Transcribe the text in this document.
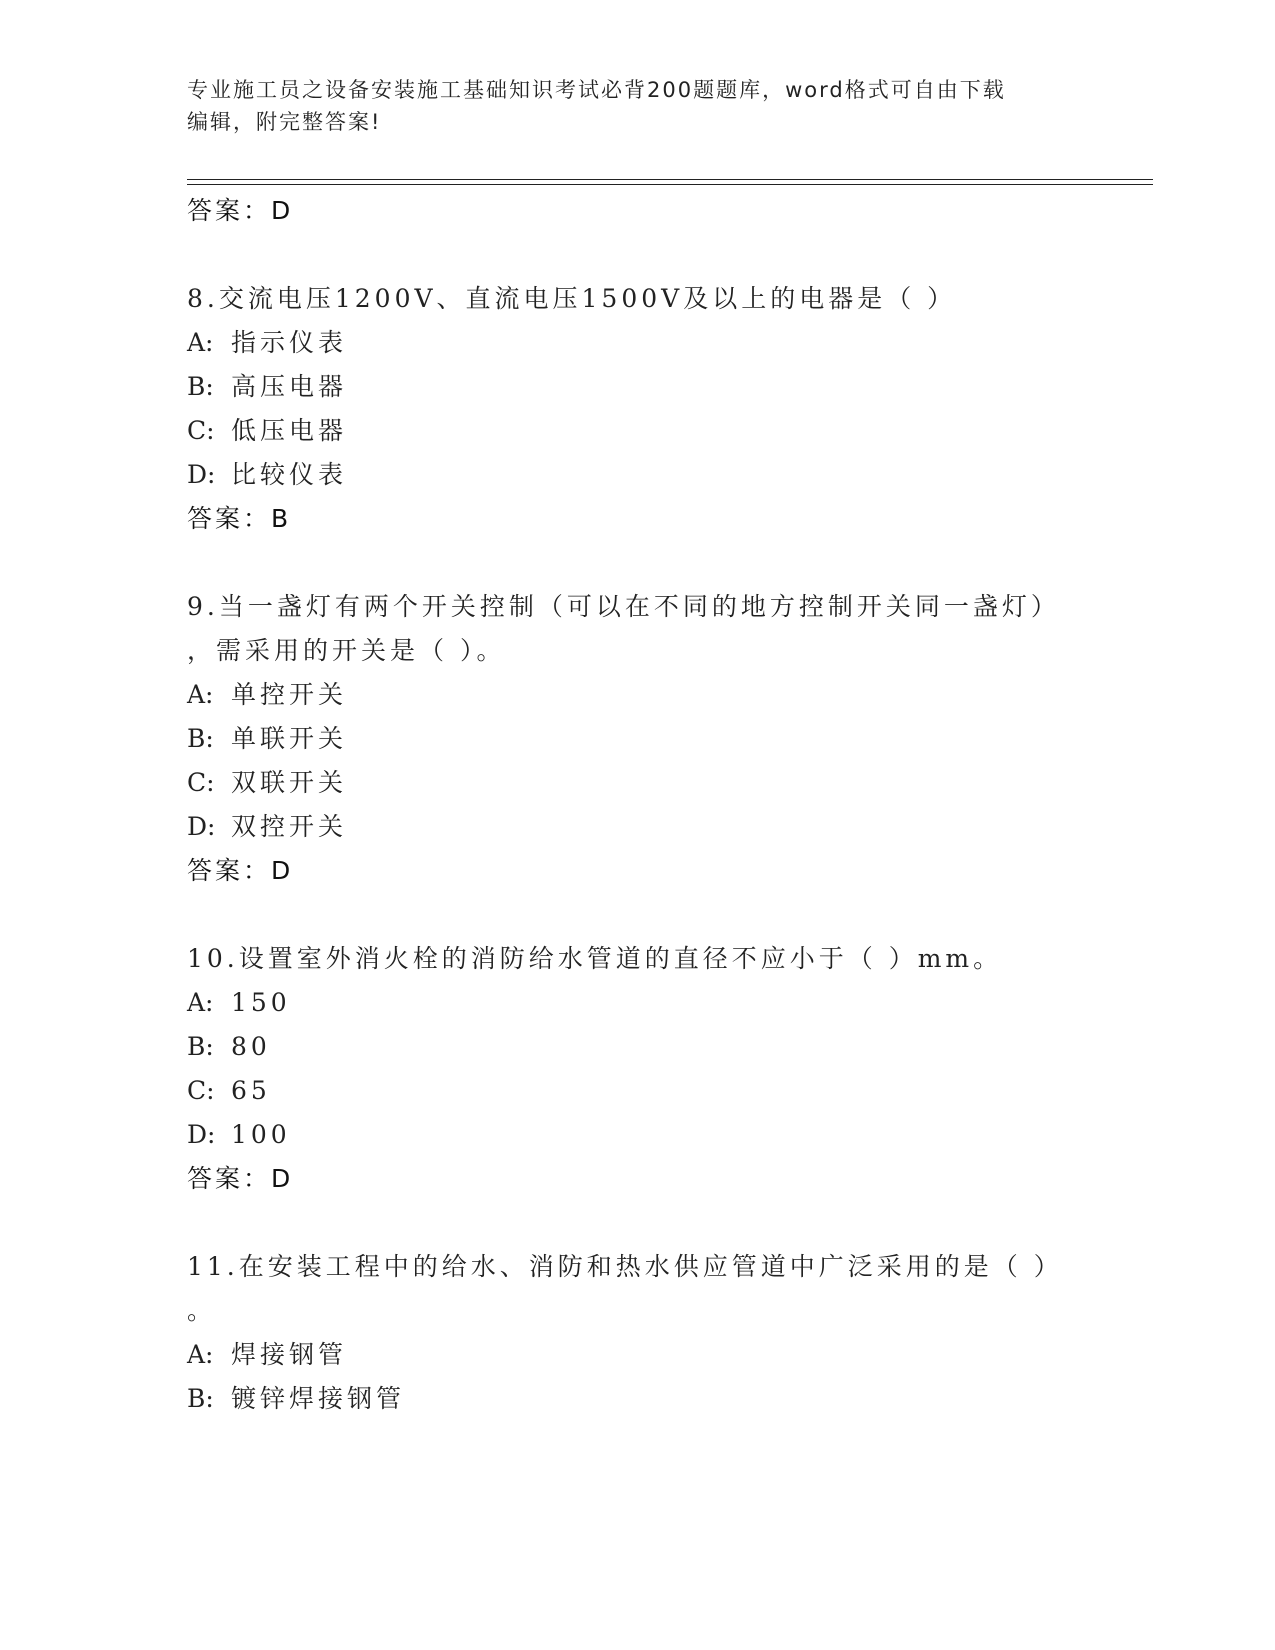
专业施工员之设备安装施工基础知识考试必背200题题库，word格式可自由下载
编辑，附完整答案!
答案：D
8.交流电压1200V、直流电压1500V及以上的电器是（ ）
A: 指示仪表
B: 高压电器
C: 低压电器
D: 比较仪表
答案：B
9.当一盏灯有两个开关控制（可以在不同的地方控制开关同一盏灯）
，需采用的开关是（ ）。
A: 单控开关
B: 单联开关
C: 双联开关
D: 双控开关
答案：D
10.设置室外消火栓的消防给水管道的直径不应小于（ ）mm。
A: 150
B: 80
C: 65
D: 100
答案：D
11.在安装工程中的给水、消防和热水供应管道中广泛采用的是（ ）
。
A: 焊接钢管
B: 镀锌焊接钢管
